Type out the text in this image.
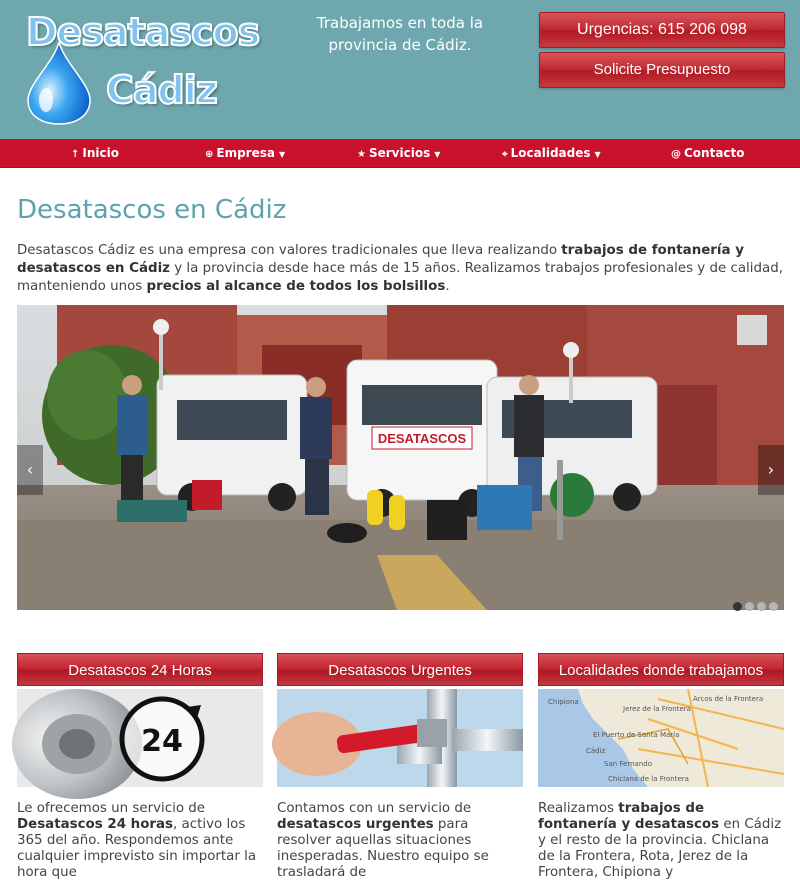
Desatascos
Cádiz
Trabajamos en toda la provincia de Cádiz.
Urgencias: 615 206 098
Solicite Presupuesto
↑ Inicio	⊕ Empresa ▼	★ Servicios ▼	⌖ Localidades ▼	@ Contacto
Desatascos en Cádiz

Desatascos Cádiz es una empresa con valores tradicionales que lleva realizando trabajos de fontanería y desatascos en Cádiz y la provincia desde hace más de 15 años. Realizamos trabajos profesionales y de calidad, manteniendo unos precios al alcance de todos los bolsillos.

DESATASCOS
‹	›
Desatascos 24 Horas
24

Le ofrecemos un servicio de Desatascos 24 horas, activo los 365 del año. Respondemos ante cualquier imprevisto sin importar la hora que

Desatascos Urgentes

Contamos con un servicio de desatascos urgentes para resolver aquellas situaciones inesperadas. Nuestro equipo se trasladará de

Localidades donde trabajamos
Arcos de la Frontera
Jerez de la Frontera
Chipiona
El Puerto de Santa María
Cádiz
San Fernando
Chiclana de la Frontera

Realizamos trabajos de fontanería y desatascos en Cádiz y el resto de la provincia. Chiclana de la Frontera, Rota, Jerez de la Frontera, Chipiona y
